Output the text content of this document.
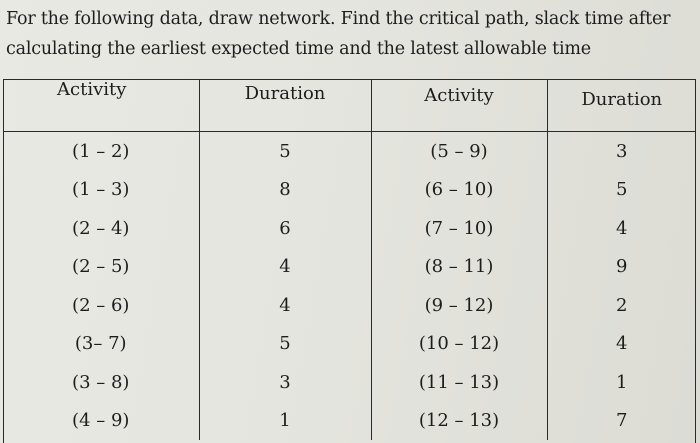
For the following data, draw network. Find the critical path, slack time after
calculating the earliest expected time and the latest allowable time

Activity	Duration	Activity	Duration
(1 – 2)	5	(5 – 9)	3
(1 – 3)	8	(6 – 10)	5
(2 – 4)	6	(7 – 10)	4
(2 – 5)	4	(8 – 11)	9
(2 – 6)	4	(9 – 12)	2
(3– 7)	5	(10 – 12)	4
(3 – 8)	3	(11 – 13)	1
(4 – 9)	1	(12 – 13)	7
